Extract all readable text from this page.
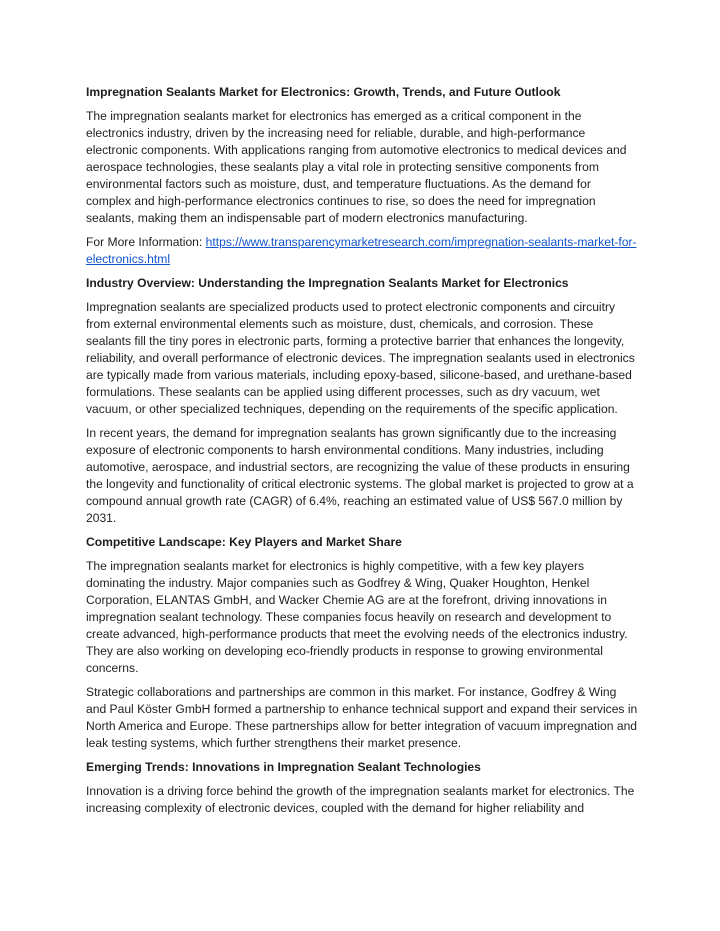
Impregnation Sealants Market for Electronics: Growth, Trends, and Future Outlook

The impregnation sealants market for electronics has emerged as a critical component in the electronics industry, driven by the increasing need for reliable, durable, and high-performance electronic components. With applications ranging from automotive electronics to medical devices and aerospace technologies, these sealants play a vital role in protecting sensitive components from environmental factors such as moisture, dust, and temperature fluctuations. As the demand for complex and high-performance electronics continues to rise, so does the need for impregnation sealants, making them an indispensable part of modern electronics manufacturing.

For More Information: https://www.transparencymarketresearch.com/impregnation-sealants-market-for-electronics.html

Industry Overview: Understanding the Impregnation Sealants Market for Electronics

Impregnation sealants are specialized products used to protect electronic components and circuitry from external environmental elements such as moisture, dust, chemicals, and corrosion. These sealants fill the tiny pores in electronic parts, forming a protective barrier that enhances the longevity, reliability, and overall performance of electronic devices. The impregnation sealants used in electronics are typically made from various materials, including epoxy-based, silicone-based, and urethane-based formulations. These sealants can be applied using different processes, such as dry vacuum, wet vacuum, or other specialized techniques, depending on the requirements of the specific application.

In recent years, the demand for impregnation sealants has grown significantly due to the increasing exposure of electronic components to harsh environmental conditions. Many industries, including automotive, aerospace, and industrial sectors, are recognizing the value of these products in ensuring the longevity and functionality of critical electronic systems. The global market is projected to grow at a compound annual growth rate (CAGR) of 6.4%, reaching an estimated value of US$ 567.0 million by 2031.

Competitive Landscape: Key Players and Market Share

The impregnation sealants market for electronics is highly competitive, with a few key players dominating the industry. Major companies such as Godfrey & Wing, Quaker Houghton, Henkel Corporation, ELANTAS GmbH, and Wacker Chemie AG are at the forefront, driving innovations in impregnation sealant technology. These companies focus heavily on research and development to create advanced, high-performance products that meet the evolving needs of the electronics industry. They are also working on developing eco-friendly products in response to growing environmental concerns.

Strategic collaborations and partnerships are common in this market. For instance, Godfrey & Wing and Paul Köster GmbH formed a partnership to enhance technical support and expand their services in North America and Europe. These partnerships allow for better integration of vacuum impregnation and leak testing systems, which further strengthens their market presence.

Emerging Trends: Innovations in Impregnation Sealant Technologies

Innovation is a driving force behind the growth of the impregnation sealants market for electronics. The increasing complexity of electronic devices, coupled with the demand for higher reliability and
